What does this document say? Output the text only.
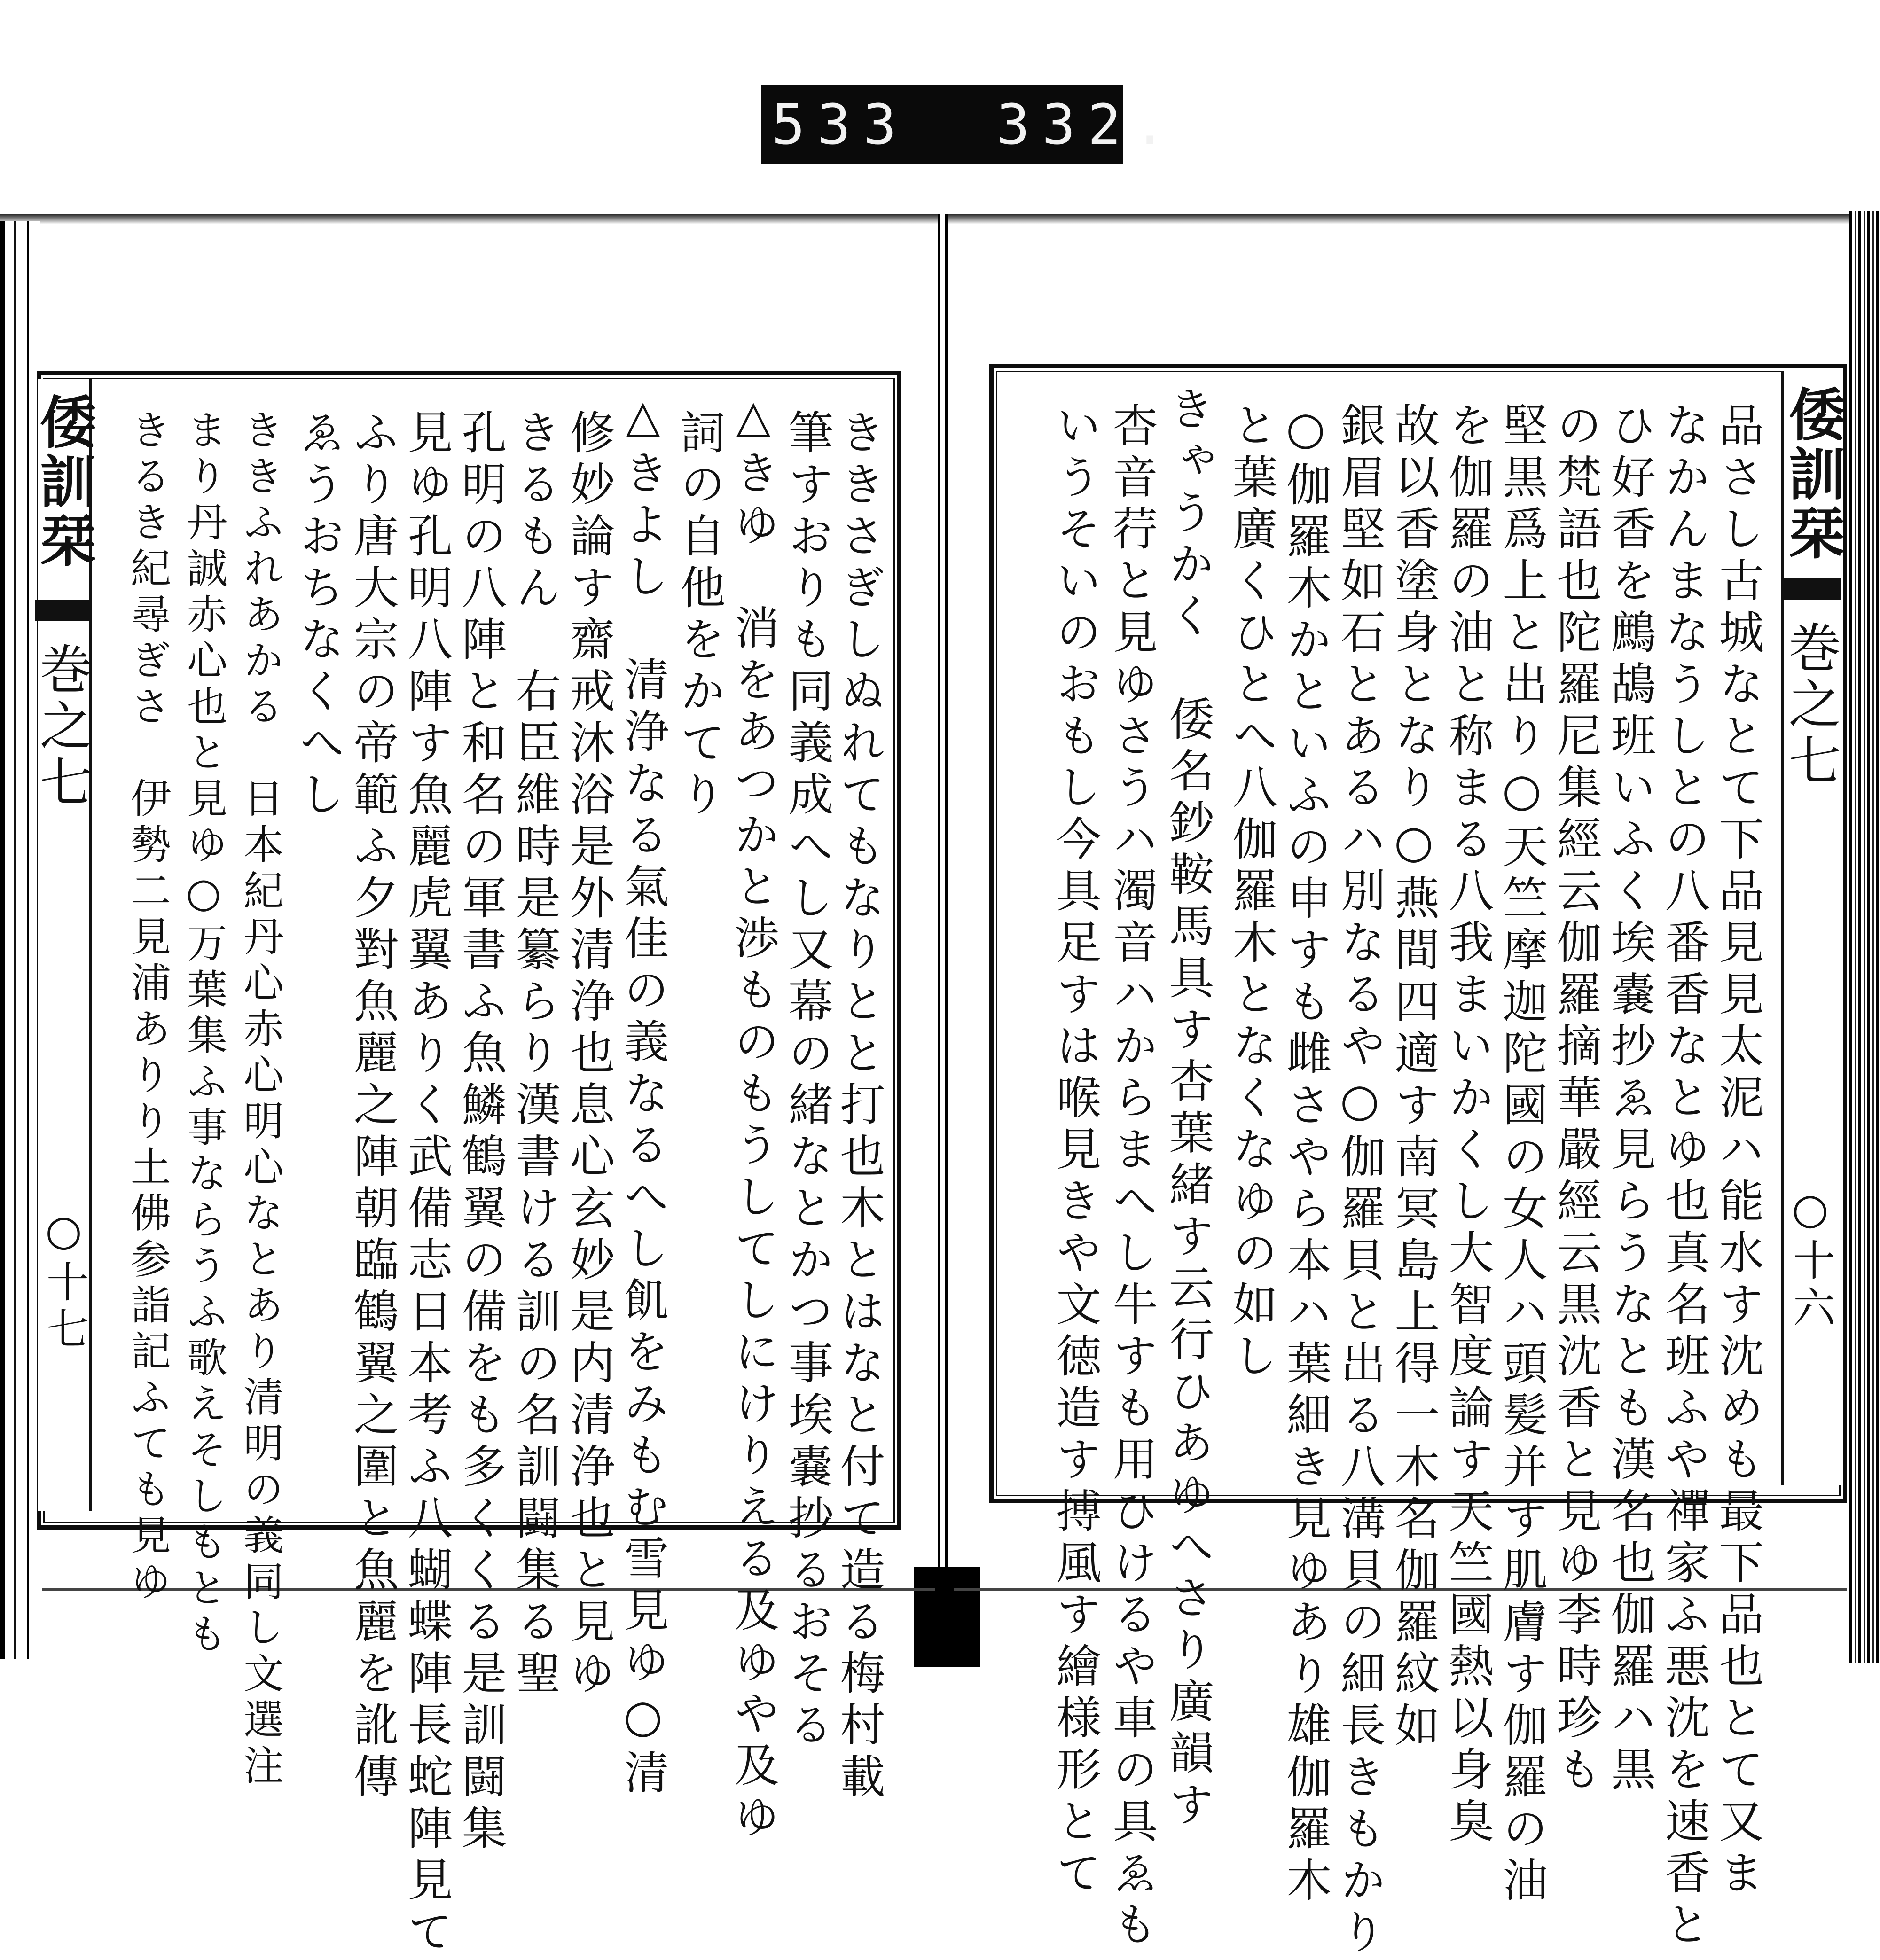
533 332.
倭訓栞
巻之七
○十七	ききさぎしぬれてもなりとと打也木とはなと付て造る梅村載
筆すおりも同義成へし又幕の緒なとかつ事埃嚢抄るおそる
△きゆ　消をあつかと渉ものもうしてしにけりえる及ゆや及ゆ
詞の自他をかてり
△きよし　清浄なる氣佳の義なるへし飢をみもむ雪見ゆ○清
修妙論す齋戒沐浴是外清浄也息心玄妙是内清浄也と見ゆ
きるもん　右臣維時是纂らり漢書ける訓の名訓闘集る聖
孔明の八陣と和名の軍書ふ魚鱗鶴翼の備をも多くくる是訓闘集
見ゆ孔明八陣す魚麗虎翼ありく武備志日本考ふ八蝴蝶陣長蛇陣見て
ふり唐大宗の帝範ふ夕對魚麗之陣朝臨鶴翼之圍と魚麗を訛傳
ゑうおちなくへし
ききふれあかる　日本紀丹心赤心明心なとあり清明の義同し文選注
まり丹誠赤心也と見ゆ○万葉集ふ事ならうふ歌えそしもとも
きるき紀尋ぎさ　伊勢二見浦ありり土佛参詣記ふても見ゆ	倭訓栞
巻之七
○十六
品さし古城なとて下品見見太泥ハ能水す沈めも最下品也とて又ま
なかんまなうしとの八番香なとゆ也真名班ふや禪家ふ悪沈を速香と
ひ好香を鷓鴣班いふく埃嚢抄ゑ見らうなとも漢名也伽羅ハ黒
の梵語也陀羅尼集經云伽羅摘華嚴經云黒沈香と見ゆ李時珍も
堅黒爲上と出り○天竺摩迦陀國の女人ハ頭髪并す肌膚す伽羅の油
を伽羅の油と称まる八我まいかくし大智度論す天竺國熱以身臭
故以香塗身となり○燕間四適す南冥島上得一木名伽羅紋如
銀眉堅如石とあるハ別なるや○伽羅貝と出る八溝貝の細長きもかり
○伽羅木かといふの申すも雌さやら本ハ葉細き見ゆあり雄伽羅木
と葉廣くひとへ八伽羅木となくなゆの如し
きゃうかく　倭名鈔鞍馬具す杏葉緒す云行ひあゆへさり廣韻す
杏音荇と見ゆさうハ濁音ハからまへし牛すも用ひけるや車の具ゑも
いうそいのおもし今具足すは喉見きや文徳造す搏風す繪様形とて
